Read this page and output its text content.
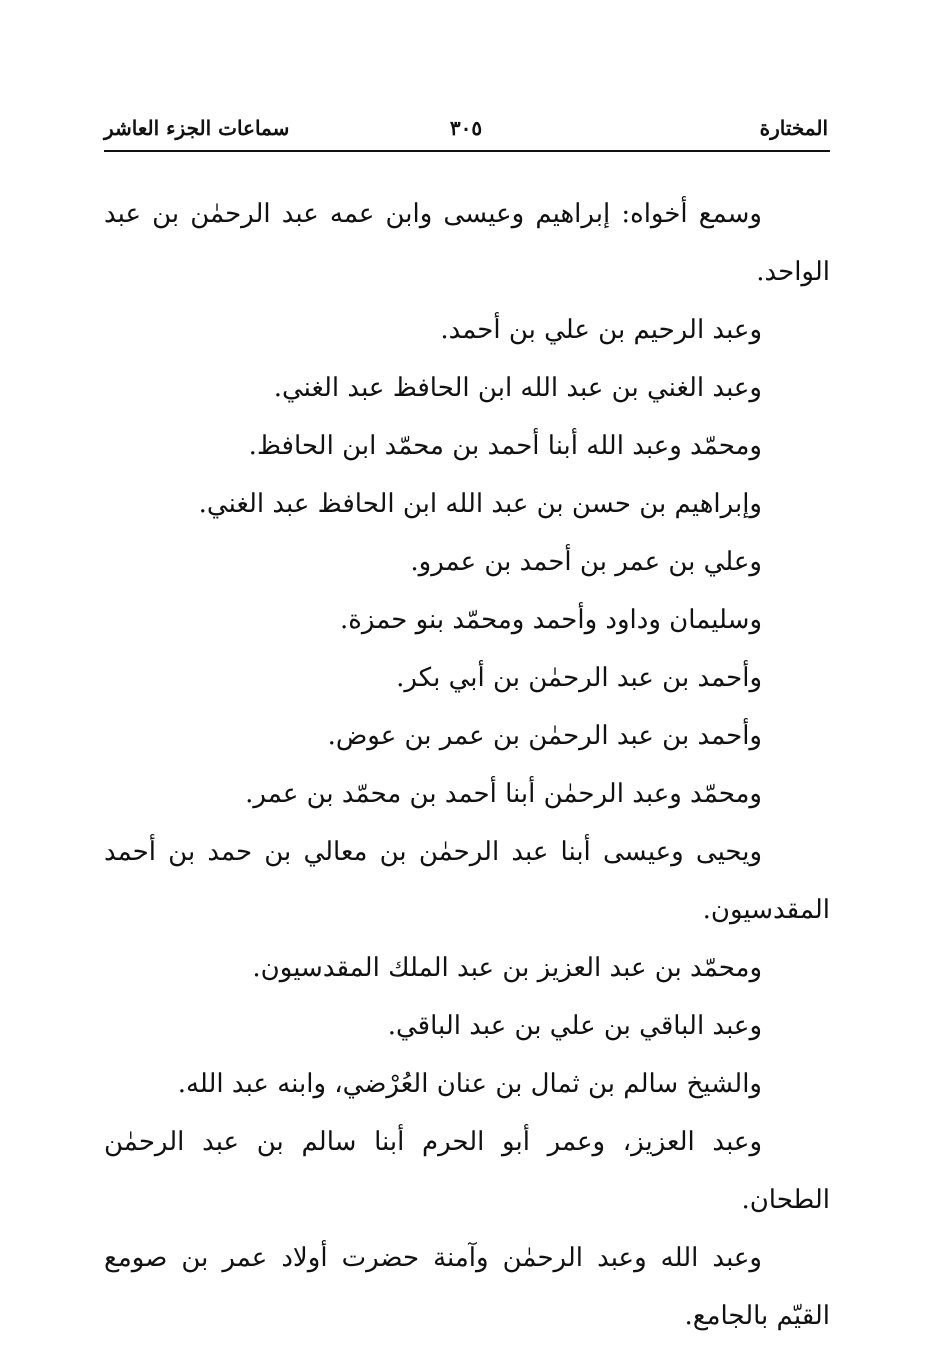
المختارة
٣٠٥
سماعات الجزء العاشر

وسمع أخواه: إبراهيم وعيسى وابن عمه عبد الرحمٰن بن عبد الواحد.

وعبد الرحيم بن علي بن أحمد.

وعبد الغني بن عبد الله ابن الحافظ عبد الغني.

ومحمّد وعبد الله أبنا أحمد بن محمّد ابن الحافظ.

وإبراهيم بن حسن بن عبد الله ابن الحافظ عبد الغني.

وعلي بن عمر بن أحمد بن عمرو.

وسليمان وداود وأحمد ومحمّد بنو حمزة.

وأحمد بن عبد الرحمٰن بن أبي بكر.

وأحمد بن عبد الرحمٰن بن عمر بن عوض.

ومحمّد وعبد الرحمٰن أبنا أحمد بن محمّد بن عمر.

ويحيى وعيسى أبنا عبد الرحمٰن بن معالي بن حمد بن أحمد المقدسيون.

ومحمّد بن عبد العزيز بن عبد الملك المقدسيون.

وعبد الباقي بن علي بن عبد الباقي.

والشيخ سالم بن ثمال بن عنان العُرْضي، وابنه عبد الله.

وعبد العزيز، وعمر أبو الحرم أبنا سالم بن عبد الرحمٰن الطحان.

وعبد الله وعبد الرحمٰن وآمنة حضرت أولاد عمر بن صومع القيّم بالجامع.
